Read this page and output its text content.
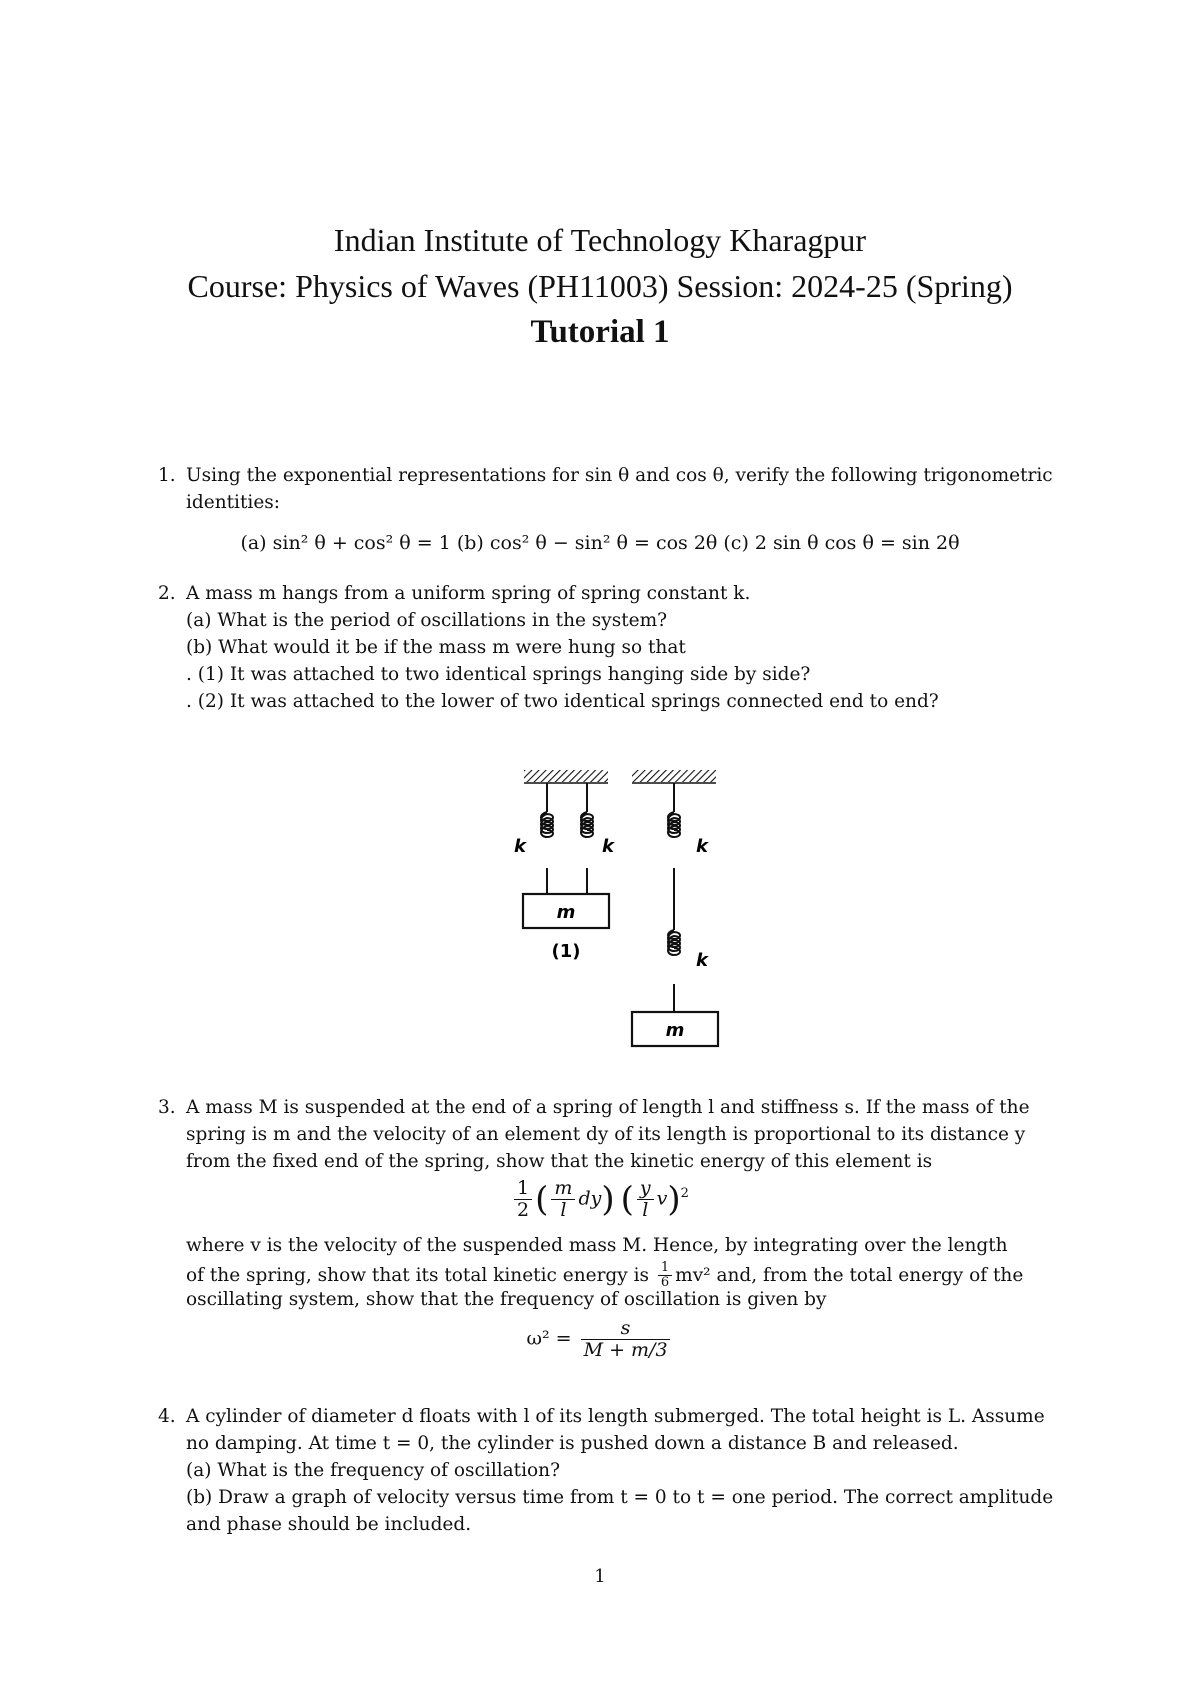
Indian Institute of Technology Kharagpur
Course: Physics of Waves (PH11003) Session: 2024-25 (Spring)
Tutorial 1
1. Using the exponential representations for sin θ and cos θ, verify the following trigonometric
identities:
(a) sin² θ + cos² θ = 1 (b) cos² θ − sin² θ = cos 2θ (c) 2 sin θ cos θ = sin 2θ
2. A mass m hangs from a uniform spring of spring constant k.
(a) What is the period of oscillations in the system?
(b) What would it be if the mass m were hung so that
. (1) It was attached to two identical springs hanging side by side?
. (2) It was attached to the lower of two identical springs connected end to end?
k	k
m
(1)
k
k
m
3. A mass M is suspended at the end of a spring of length l and stiffness s. If the mass of the
spring is m and the velocity of an element dy of its length is proportional to its distance y
from the fixed end of the spring, show that the kinetic energy of this element is
$\frac{1}{2}$ ( $\frac{m}{l} dy$) ( $\frac{y}{l} v)^2$
where v is the velocity of the suspended mass M. Hence, by integrating over the length
of the spring, show that its total kinetic energy is $\frac{1}{6} mv^2$ and, from the total energy of the
oscillating system, show that the frequency of oscillation is given by
$\omega^2 = \frac{s}{M + m/3}$
4. A cylinder of diameter d floats with l of its length submerged. The total height is L. Assume
no damping. At time t = 0, the cylinder is pushed down a distance B and released.
(a) What is the frequency of oscillation?
(b) Draw a graph of velocity versus time from t = 0 to t = one period. The correct amplitude
and phase should be included.
1
